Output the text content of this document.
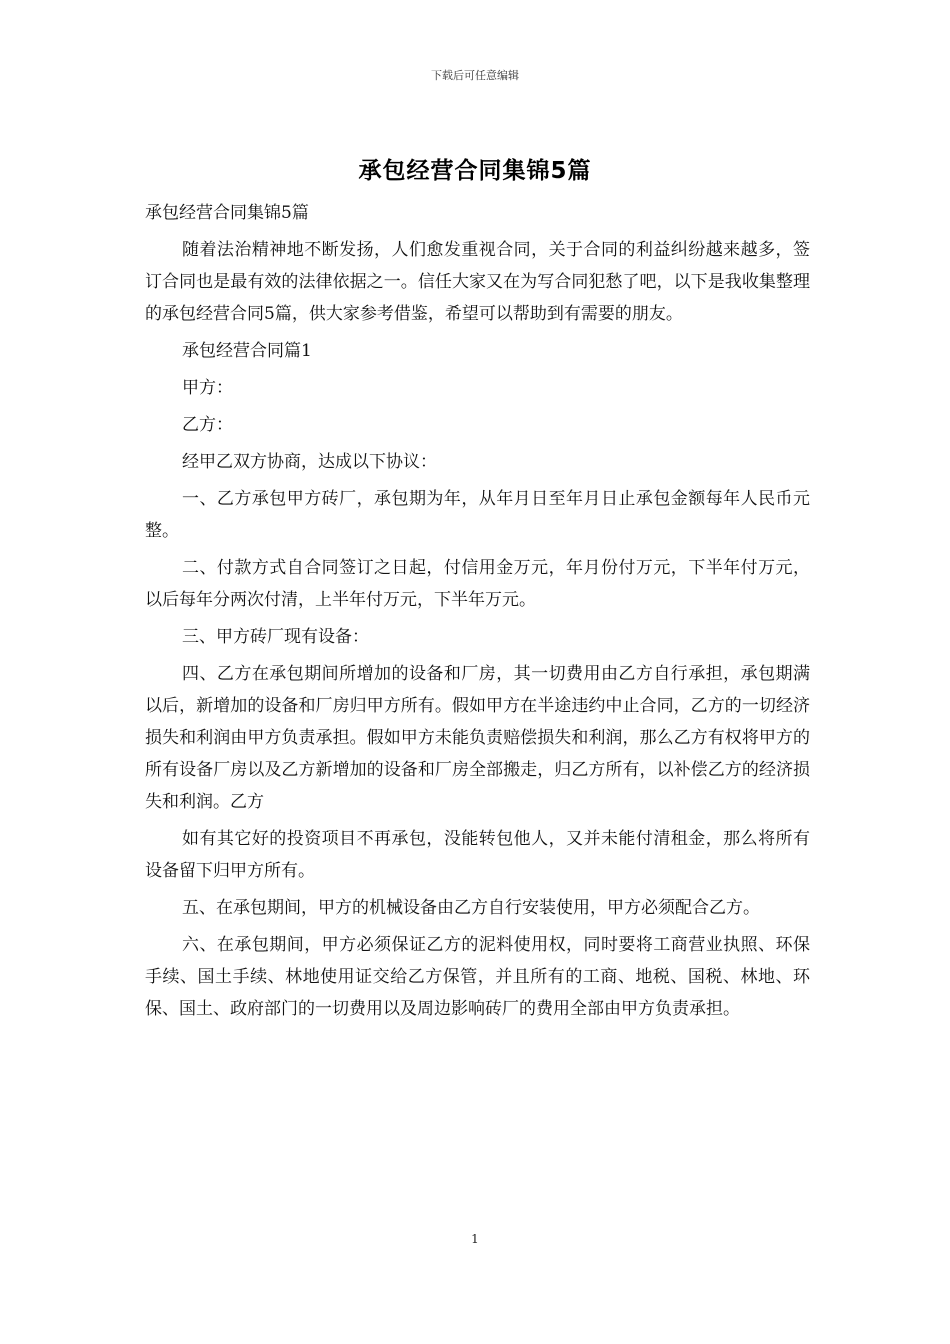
下载后可任意编辑
承包经营合同集锦5篇

承包经营合同集锦5篇

随着法治精神地不断发扬，人们愈发重视合同，关于合同的利益纠纷越来越多，签订合同也是最有效的法律依据之一。信任大家又在为写合同犯愁了吧，以下是我收集整理的承包经营合同5篇，供大家参考借鉴，希望可以帮助到有需要的朋友。

承包经营合同篇1

甲方：

乙方：

经甲乙双方协商，达成以下协议：

一、乙方承包甲方砖厂，承包期为年，从年月日至年月日止承包金额每年人民币元整。

二、付款方式自合同签订之日起，付信用金万元，年月份付万元，下半年付万元，以后每年分两次付清，上半年付万元，下半年万元。

三、甲方砖厂现有设备：

四、乙方在承包期间所增加的设备和厂房，其一切费用由乙方自行承担，承包期满以后，新增加的设备和厂房归甲方所有。假如甲方在半途违约中止合同，乙方的一切经济损失和利润由甲方负责承担。假如甲方未能负责赔偿损失和利润，那么乙方有权将甲方的所有设备厂房以及乙方新增加的设备和厂房全部搬走，归乙方所有，以补偿乙方的经济损失和利润。乙方

如有其它好的投资项目不再承包，没能转包他人，又并未能付清租金，那么将所有设备留下归甲方所有。

五、在承包期间，甲方的机械设备由乙方自行安装使用，甲方必须配合乙方。

六、在承包期间，甲方必须保证乙方的泥料使用权，同时要将工商营业执照、环保手续、国土手续、林地使用证交给乙方保管，并且所有的工商、地税、国税、林地、环保、国土、政府部门的一切费用以及周边影响砖厂的费用全部由甲方负责承担。

1
